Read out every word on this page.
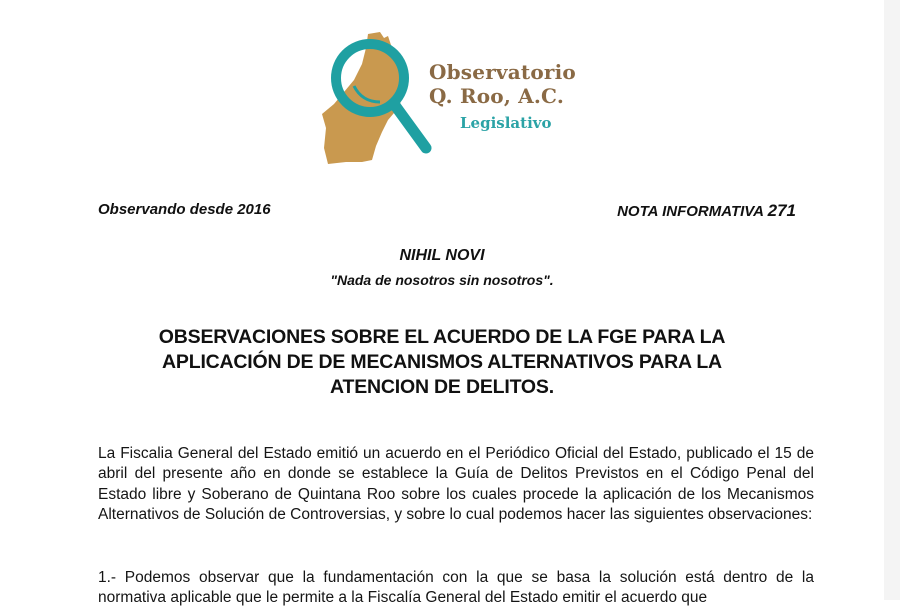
Observatorio
Q. Roo, A.C.
Legislativo
Observando desde 2016	NOTA INFORMATIVA 271
NIHIL NOVI
"Nada de nosotros sin nosotros".
OBSERVACIONES SOBRE EL ACUERDO DE LA FGE PARA LA APLICACIÓN DE DE MECANISMOS ALTERNATIVOS PARA LA ATENCION DE DELITOS.

La Fiscalia General del Estado emitió un acuerdo en el Periódico Oficial del Estado, publicado el 15 de abril del presente año en donde se establece la Guía de Delitos Previstos en el Código Penal del Estado libre y Soberano de Quintana Roo sobre los cuales procede la aplicación de los Mecanismos Alternativos de Solución de Controversias, y sobre lo cual podemos hacer las siguientes observaciones:

1.- Podemos observar que la fundamentación con la que se basa la solución está dentro de la normativa aplicable que le permite a la Fiscalía General del Estado emitir el acuerdo que
